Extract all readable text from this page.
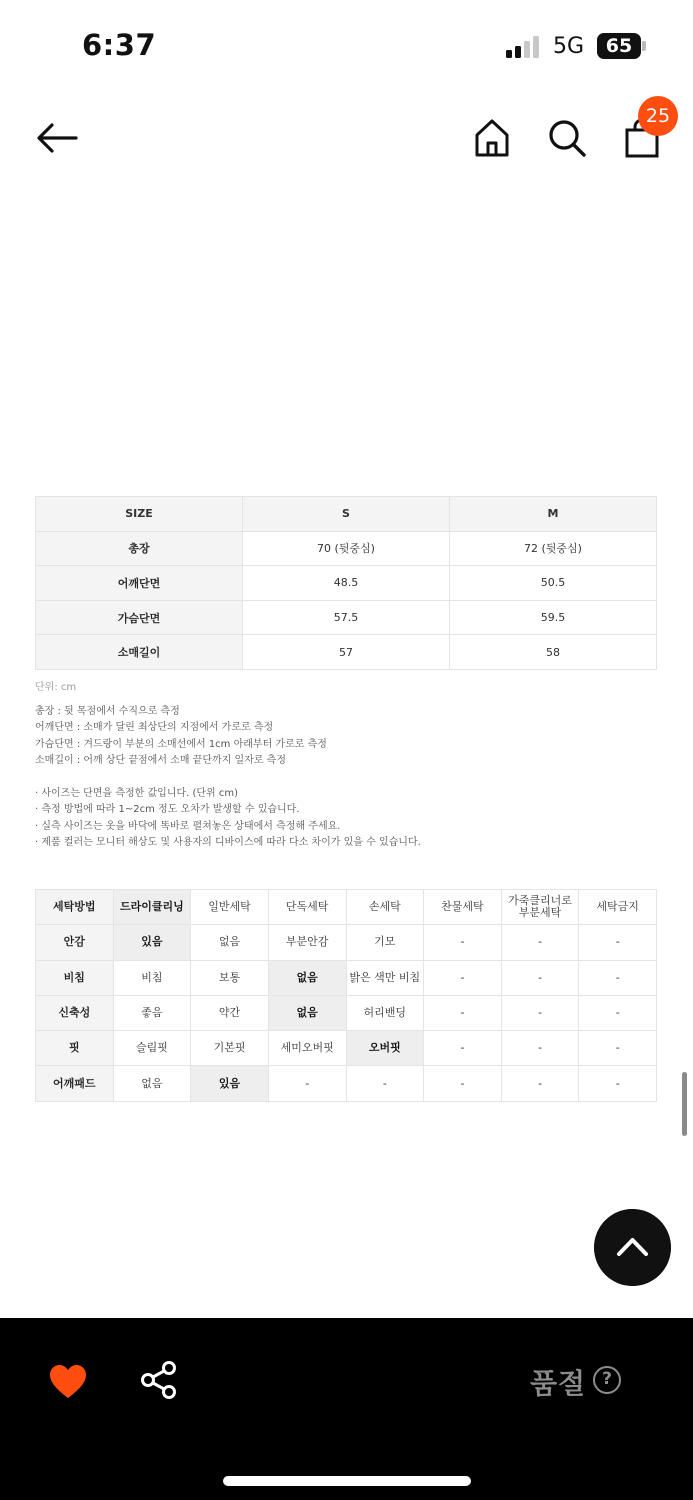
6:37	5G	65
25
SIZE	S	M
총장	70 (뒷중심)	72 (뒷중심)
어깨단면	48.5	50.5
가슴단면	57.5	59.5
소매길이	57	58
단위: cm
총장 : 뒷 목점에서 수직으로 측정
어깨단면 : 소매가 달린 최상단의 지점에서 가로로 측정
가슴단면 : 겨드랑이 부분의 소매선에서 1cm 아래부터 가로로 측정
소매길이 : 어깨 상단 끝점에서 소매 끝단까지 일자로 측정
· 사이즈는 단면을 측정한 값입니다. (단위 cm)
· 측정 방법에 따라 1~2cm 정도 오차가 발생할 수 있습니다.
· 실측 사이즈는 옷을 바닥에 똑바로 펼쳐놓은 상태에서 측정해 주세요.
· 제품 컬러는 모니터 해상도 및 사용자의 디바이스에 따라 다소 차이가 있을 수 있습니다.
세탁방법	드라이클리닝	일반세탁	단독세탁	손세탁	찬물세탁	가죽클리너로 부분세탁	세탁금지
안감	있음	없음	부분안감	기모	-	-	-
비침	비침	보통	없음	밝은 색만 비침	-	-	-
신축성	좋음	약간	없음	허리밴딩	-	-	-
핏	슬림핏	기본핏	세미오버핏	오버핏	-	-	-
어깨패드	없음	있음	-	-	-	-	-
품절 ?
